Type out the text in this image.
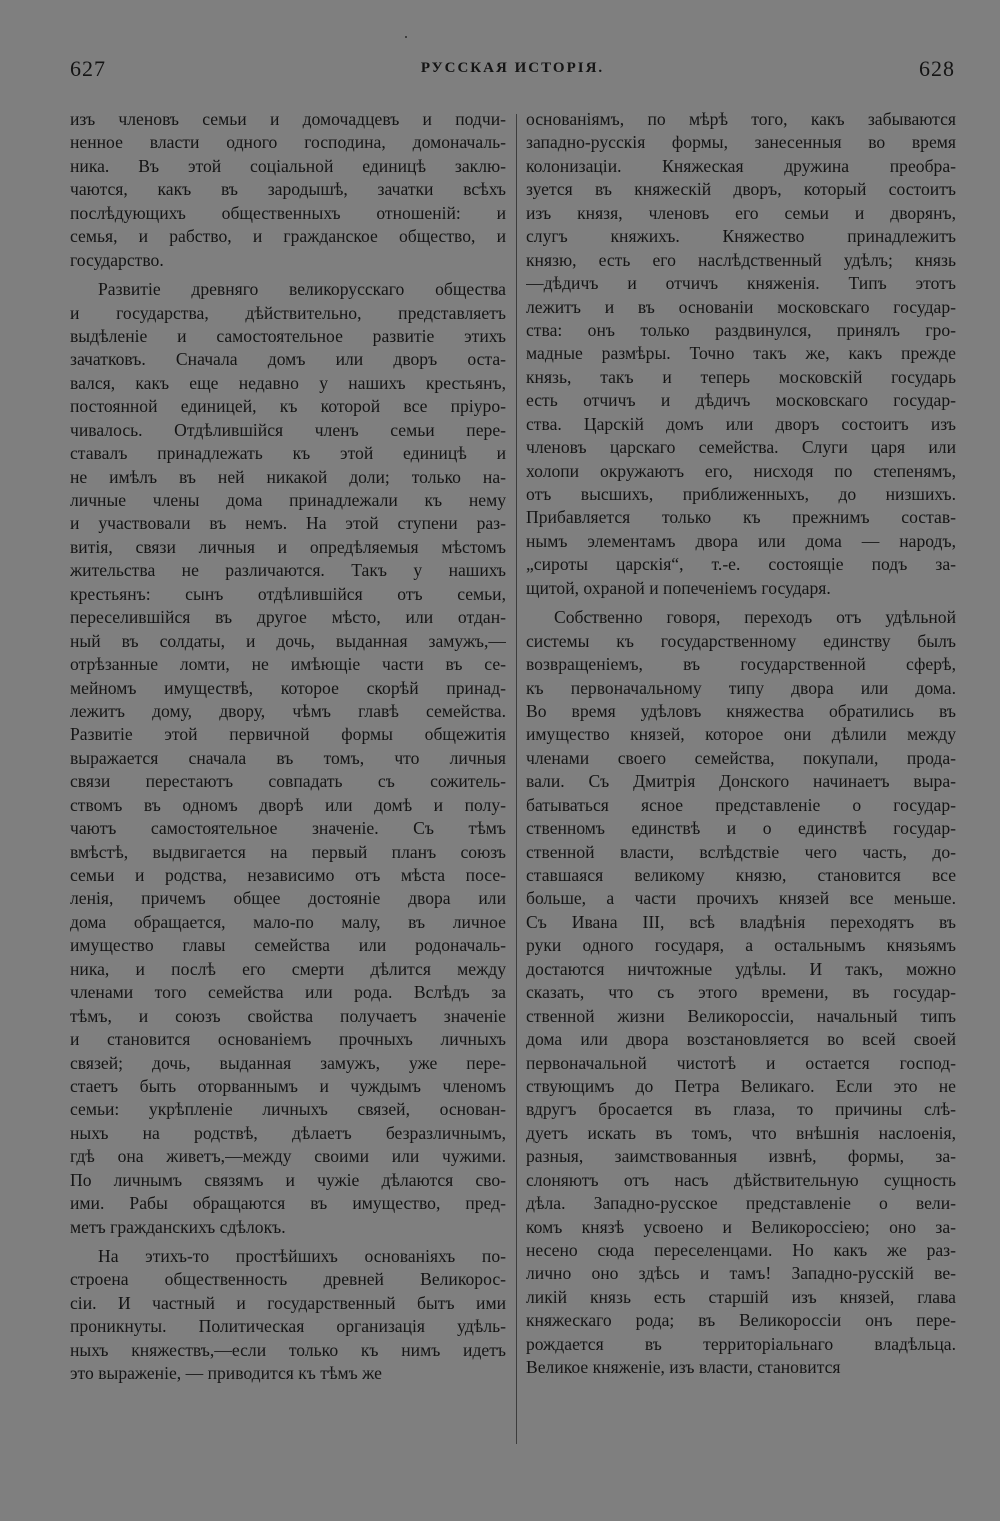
627	РУССКАЯ ИСТОРІЯ.	628
изъ членовъ семьи и домочадцевъ и подчи-
ненное власти одного господина, домоначаль-
ника. Въ этой соціальной единицѣ заклю-
чаются, какъ въ зародышѣ, зачатки всѣхъ
послѣдующихъ общественныхъ отношеній: и
семья, и рабство, и гражданское общество, и
государство.
Развитіе древняго великорусскаго общества
и государства, дѣйствительно, представляетъ
выдѣленіе и самостоятельное развитіе этихъ
зачатковъ. Сначала домъ или дворъ оста-
вался, какъ еще недавно у нашихъ крестьянъ,
постоянной единицей, къ которой все пріуро-
чивалось. Отдѣлившійся членъ семьи пере-
ставалъ принадлежать къ этой единицѣ и
не имѣлъ въ ней никакой доли; только на-
личные члены дома принадлежали къ нему
и участвовали въ немъ. На этой ступени раз-
витія, связи личныя и опредѣляемыя мѣстомъ
жительства не различаются. Такъ у нашихъ
крестьянъ: сынъ отдѣлившійся отъ семьи,
переселившійся въ другое мѣсто, или отдан-
ный въ солдаты, и дочь, выданная замужъ,—
отрѣзанные ломти, не имѣющіе части въ се-
мейномъ имуществѣ, которое скорѣй принад-
лежитъ дому, двору, чѣмъ главѣ семейства.
Развитіе этой первичной формы общежитія
выражается сначала въ томъ, что личныя
связи перестаютъ совпадать съ сожитель-
ствомъ въ одномъ дворѣ или домѣ и полу-
чаютъ самостоятельное значеніе. Съ тѣмъ
вмѣстѣ, выдвигается на первый планъ союзъ
семьи и родства, независимо отъ мѣста посе-
ленія, причемъ общее достояніе двора или
дома обращается, мало-по малу, въ личное
имущество главы семейства или родоначаль-
ника, и послѣ его смерти дѣлится между
членами того семейства или рода. Вслѣдъ за
тѣмъ, и союзъ свойства получаетъ значеніе
и становится основаніемъ прочныхъ личныхъ
связей; дочь, выданная замужъ, уже пере-
стаетъ быть оторваннымъ и чуждымъ членомъ
семьи: укрѣпленіе личныхъ связей, основан-
ныхъ на родствѣ, дѣлаетъ безразличнымъ,
гдѣ она живетъ,—между своими или чужими.
По личнымъ связямъ и чужіе дѣлаются сво-
ими. Рабы обращаются въ имущество, пред-
метъ гражданскихъ сдѣлокъ.
На этихъ-то простѣйшихъ основаніяхъ по-
строена общественность древней Великорос-
сіи. И частный и государственный бытъ ими
проникнуты. Политическая организація удѣль-
ныхъ княжествъ,—если только къ нимъ идетъ
это выраженіе, — приводится къ тѣмъ же
основаніямъ, по мѣрѣ того, какъ забываются
западно-русскія формы, занесенныя во время
колонизаціи. Княжеская дружина преобра-
зуется въ княжескій дворъ, который состоитъ
изъ князя, членовъ его семьи и дворянъ,
слугъ княжихъ. Княжество принадлежитъ
князю, есть его наслѣдственный удѣлъ; князь
—дѣдичъ и отчичъ княженія. Типъ этотъ
лежитъ и въ основаніи московскаго государ-
ства: онъ только раздвинулся, принялъ гро-
мадные размѣры. Точно такъ же, какъ прежде
князь, такъ и теперь московскій государь
есть отчичъ и дѣдичъ московскаго государ-
ства. Царскій домъ или дворъ состоитъ изъ
членовъ царскаго семейства. Слуги царя или
холопи окружаютъ его, нисходя по степенямъ,
отъ высшихъ, приближенныхъ, до низшихъ.
Прибавляется только къ прежнимъ состав-
нымъ элементамъ двора или дома — народъ,
„сироты царскія“, т.-е. состоящіе подъ за-
щитой, охраной и попеченіемъ государя.
Собственно говоря, переходъ отъ удѣльной
системы къ государственному единству былъ
возвращеніемъ, въ государственной сферѣ,
къ первоначальному типу двора или дома.
Во время удѣловъ княжества обратились въ
имущество князей, которое они дѣлили между
членами своего семейства, покупали, прода-
вали. Съ Дмитрія Донского начинаетъ выра-
батываться ясное представленіе о государ-
ственномъ единствѣ и о единствѣ государ-
ственной власти, вслѣдствіе чего часть, до-
ставшаяся великому князю, становится все
больше, а части прочихъ князей все меньше.
Съ Ивана III, всѣ владѣнія переходятъ въ
руки одного государя, а остальнымъ князьямъ
достаются ничтожные удѣлы. И такъ, можно
сказать, что съ этого времени, въ государ-
ственной жизни Великороссіи, начальный типъ
дома или двора возстановляется во всей своей
первоначальной чистотѣ и остается господ-
ствующимъ до Петра Великаго. Если это не
вдругъ бросается въ глаза, то причины слѣ-
дуетъ искать въ томъ, что внѣшнія наслоенія,
разныя, заимствованныя извнѣ, формы, за-
слоняютъ отъ насъ дѣйствительную сущность
дѣла. Западно-русское представленіе о вели-
комъ князѣ усвоено и Великороссіею; оно за-
несено сюда переселенцами. Но какъ же раз-
лично оно здѣсь и тамъ! Западно-русскій ве-
ликій князь есть старшій изъ князей, глава
княжескаго рода; въ Великороссіи онъ пере-
рождается въ территоріальнаго владѣльца.
Великое княженіе, изъ власти, становится
